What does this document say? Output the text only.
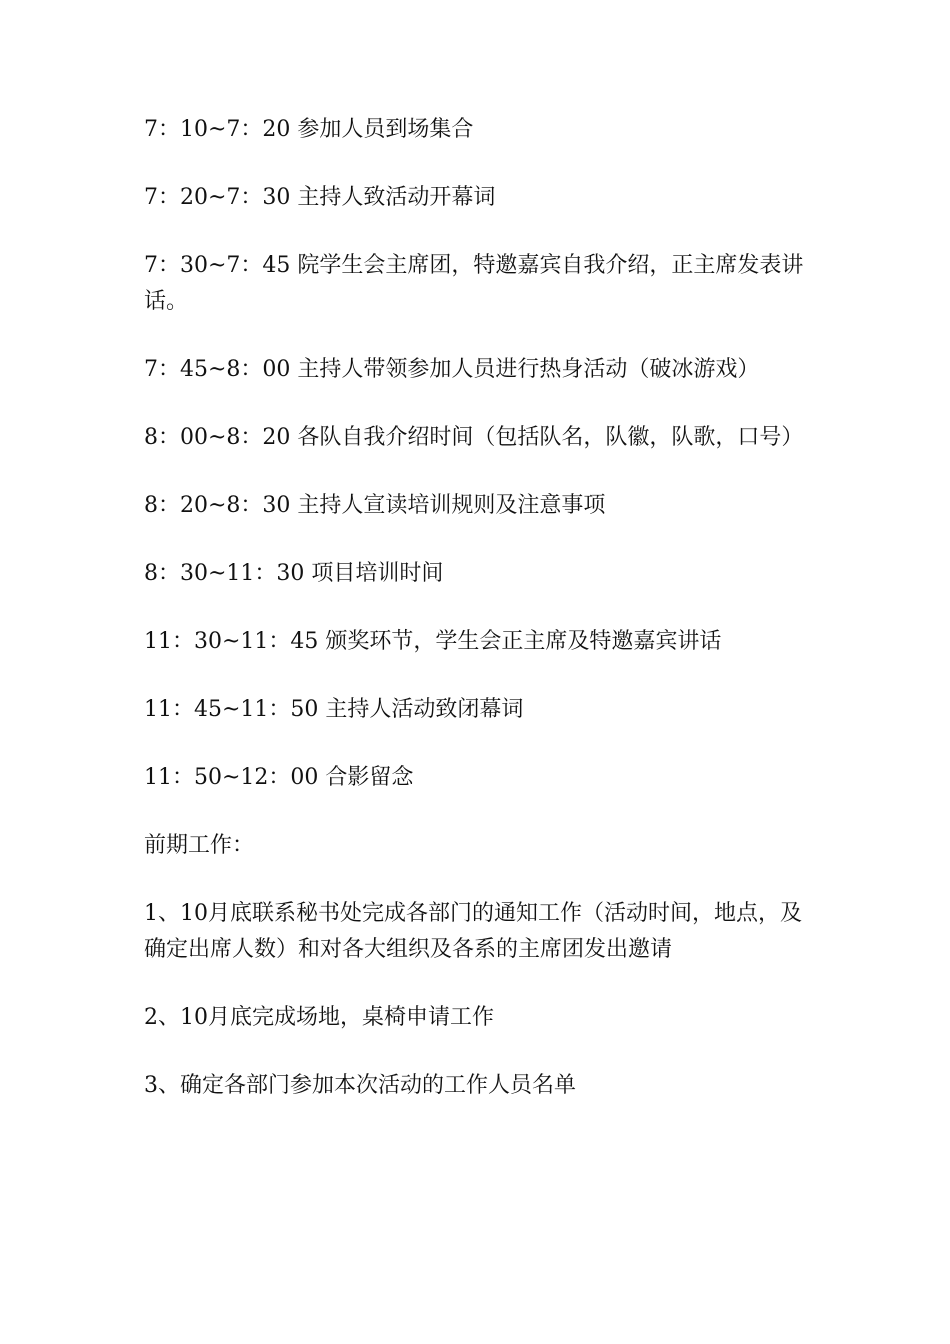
7：10~7：20 参加人员到场集合

7：20~7：30 主持人致活动开幕词

7：30~7：45 院学生会主席团，特邀嘉宾自我介绍，正主席发表讲话。

7：45~8：00 主持人带领参加人员进行热身活动（破冰游戏）

8：00~8：20 各队自我介绍时间（包括队名，队徽，队歌，口号）

8：20~8：30 主持人宣读培训规则及注意事项

8：30~11：30 项目培训时间

11：30~11：45 颁奖环节，学生会正主席及特邀嘉宾讲话

11：45~11：50 主持人活动致闭幕词

11：50~12：00 合影留念

前期工作：

1、10月底联系秘书处完成各部门的通知工作（活动时间，地点，及确定出席人数）和对各大组织及各系的主席团发出邀请

2、10月底完成场地，桌椅申请工作

3、确定各部门参加本次活动的工作人员名单
